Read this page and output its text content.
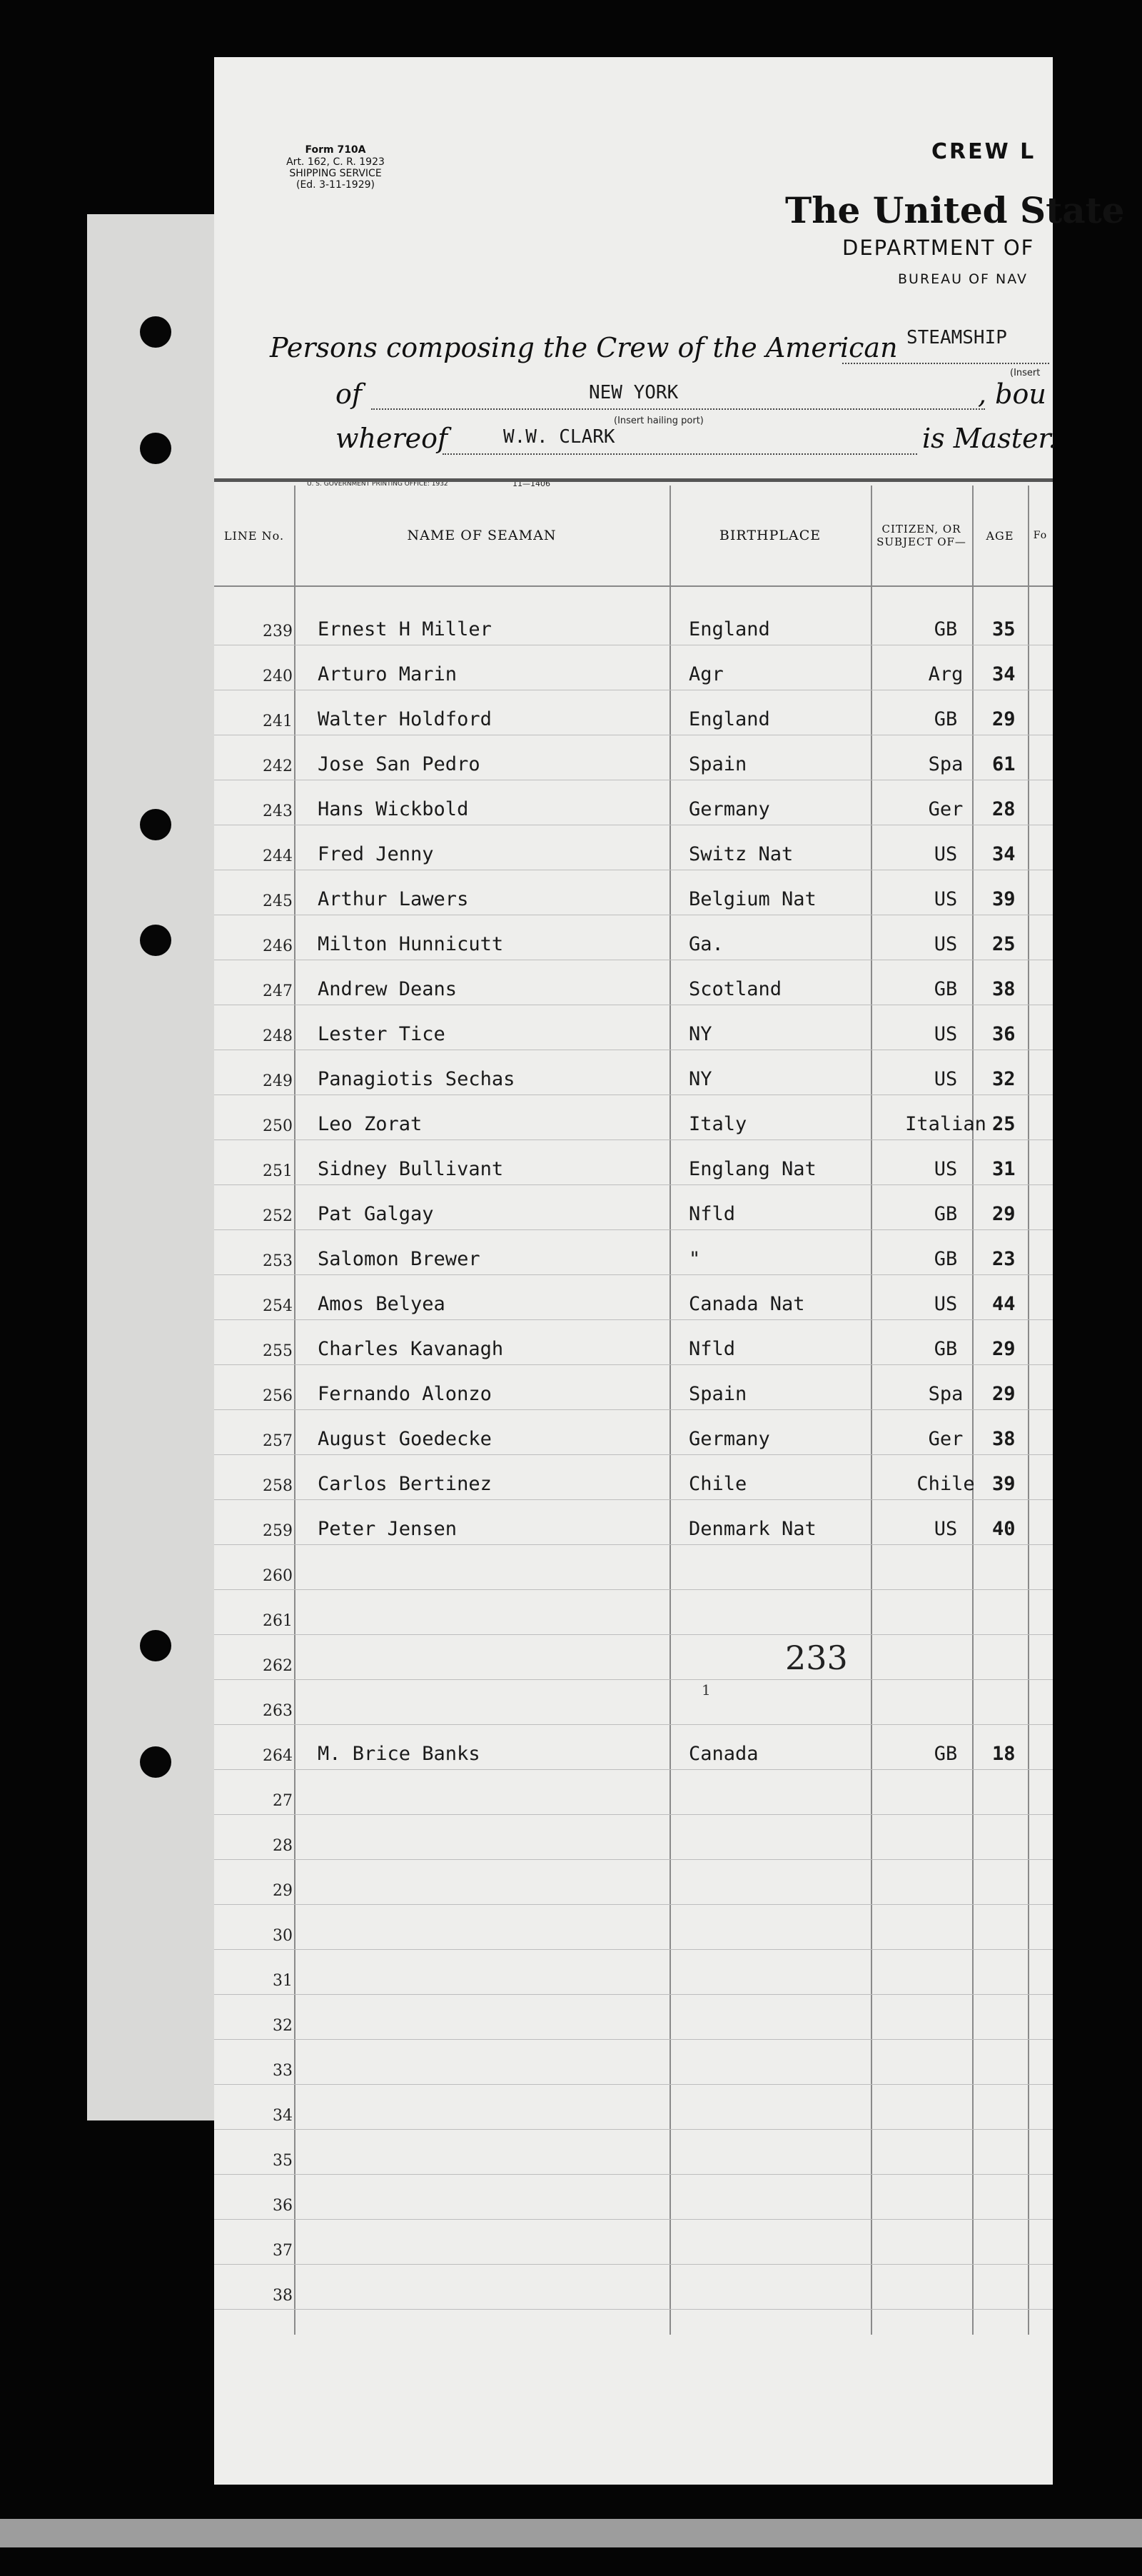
Form 710A
Art. 162, C. R. 1923
SHIPPING SERVICE
(Ed. 3-11-1929)
CREW L
The United State
DEPARTMENT OF
BUREAU OF NAV
Persons composing the Crew of the American STEAMSHIP
(Insert
of	NEW YORK	, bou
(Insert hailing port)
whereof	W.W. CLARK	is Master.
U. S. GOVERNMENT PRINTING OFFICE: 1932	11—1406
LINE No.	NAME OF SEAMAN	BIRTHPLACE	CITIZEN, OR SUBJECT OF—	AGE	Fo
239 Ernest H Miller	England	GB	35
240 Arturo Marin	Agr	Arg	34
241 Walter Holdford	England	GB	29
242 Jose San Pedro	Spain	Spa	61
243 Hans Wickbold	Germany	Ger	28
244 Fred Jenny	Switz Nat	US	34
245 Arthur Lawers	Belgium Nat	US	39
246 Milton Hunnicutt	Ga.	US	25
247 Andrew Deans	Scotland	GB	38
248 Lester Tice	NY	US	36
249 Panagiotis Sechas	NY	US	32
250 Leo Zorat	Italy	Italian 25
251 Sidney Bullivant	Englang Nat	US	31
252 Pat Galgay	Nfld	GB	29
253 Salomon Brewer	"	GB	23
254 Amos Belyea	Canada Nat	US	44
255 Charles Kavanagh	Nfld	GB	29
256 Fernando Alonzo	Spain	Spa	29
257 August Goedecke	Germany	Ger	38
258 Carlos Bertinez	Chile	Chile 39
259 Peter Jensen	Denmark Nat	US	40
260
261
262
263
264 M. Brice Banks	Canada	GB	18
27
28
29
30
31
32
33
34
35
36
37
38
233
1
